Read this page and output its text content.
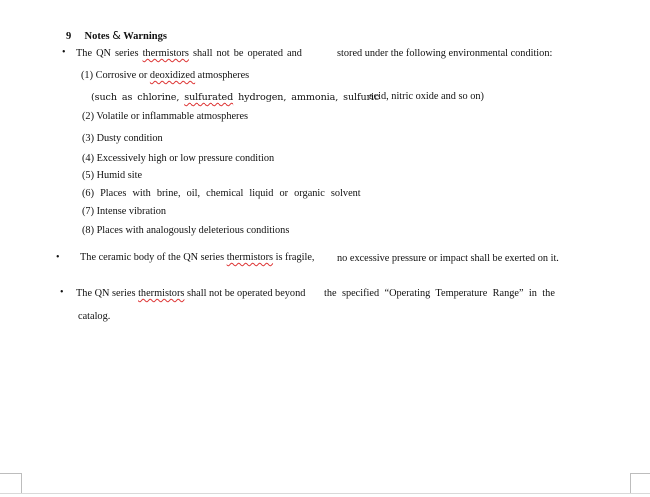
9 Notes & Warnings
• The QN series thermistors shall not be operated and	stored under the following environmental condition:
(1) Corrosive or deoxidized atmospheres
(such as chlorine, sulfurated hydrogen, ammonia, sulfuric
acid, nitric oxide and so on)
(2) Volatile or inflammable atmospheres
(3) Dusty condition
(4) Excessively high or low pressure condition
(5) Humid site
(6) Places with brine, oil, chemical liquid or organic solvent
(7) Intense vibration
(8) Places with analogously deleterious conditions
• The ceramic body of the QN series thermistors is fragile, no excessive pressure or impact shall be exerted on it.
• The QN series thermistors shall not be operated beyond the specified “Operating Temperature Range” in the
catalog.
